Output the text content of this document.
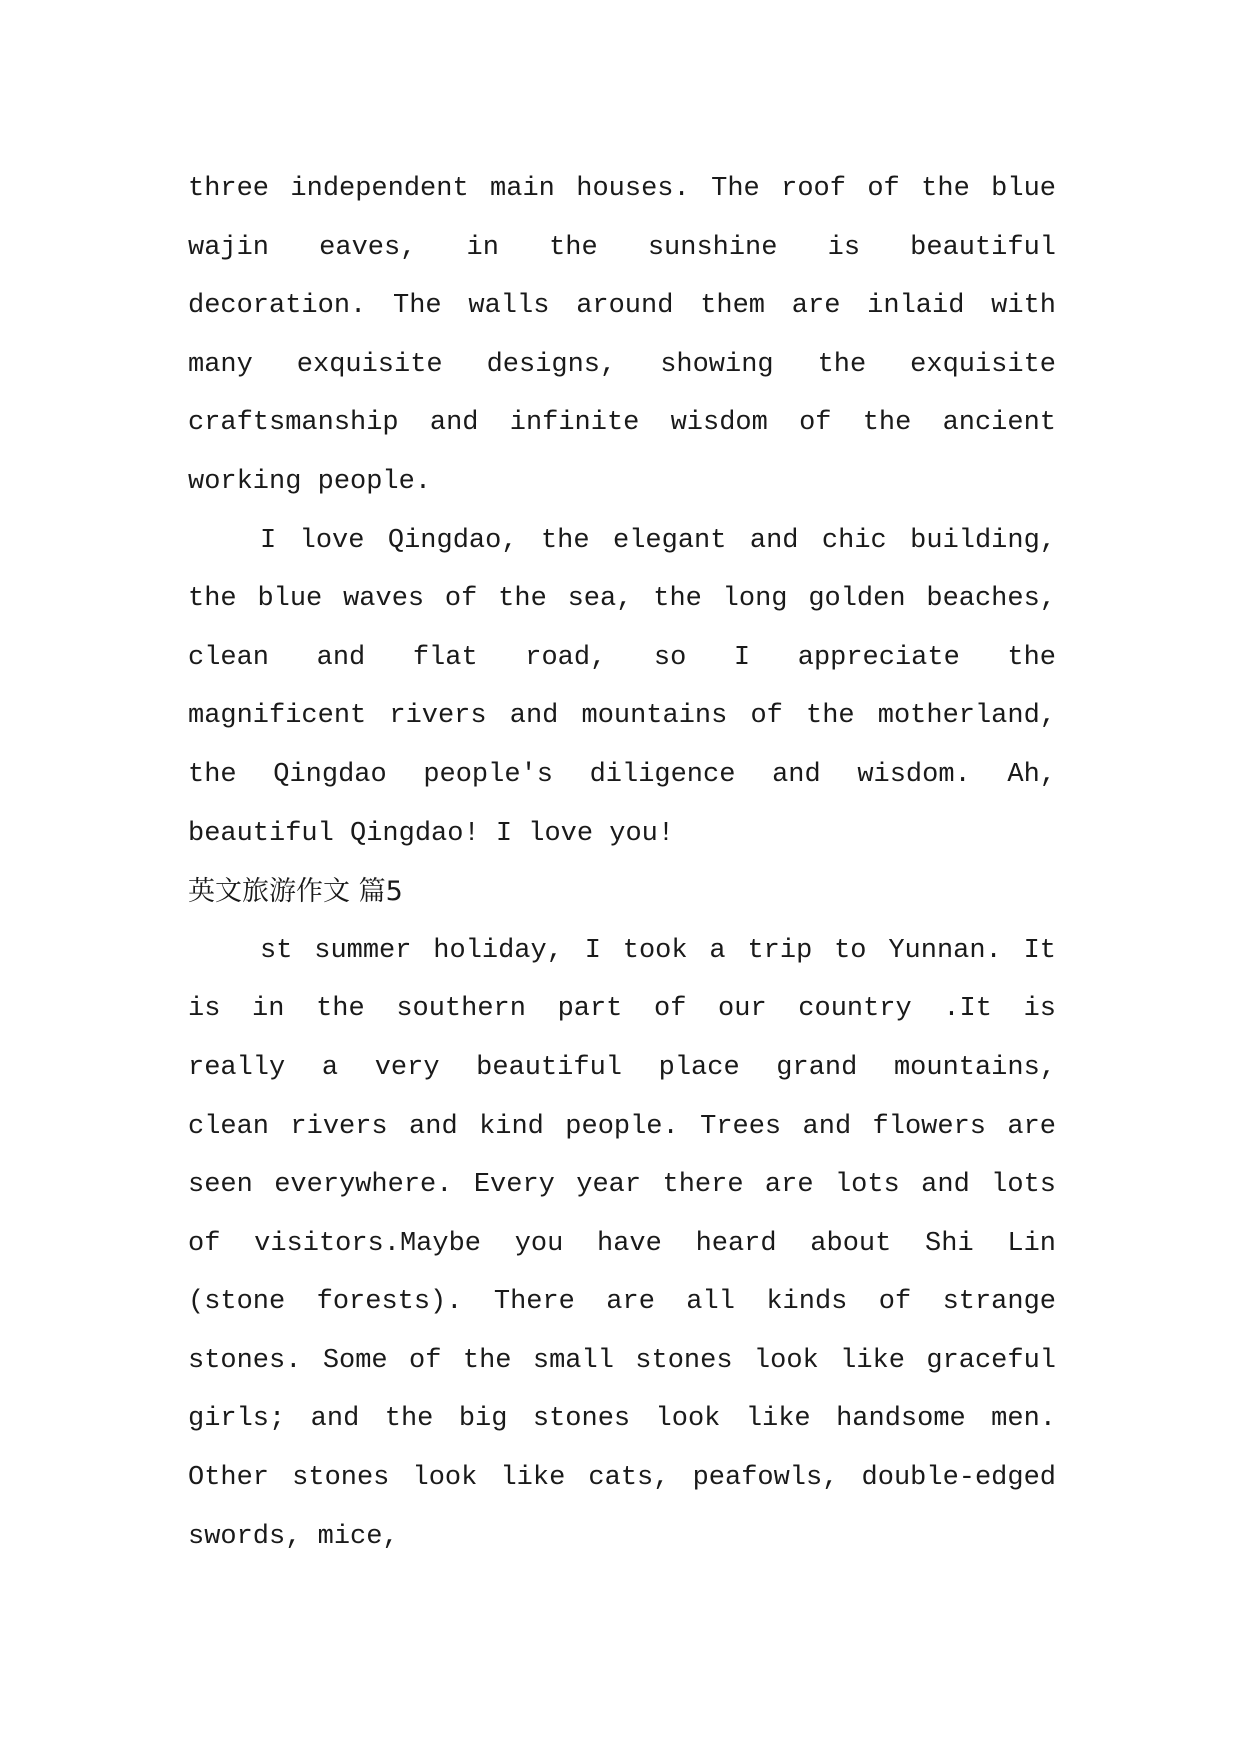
three independent main houses. The roof of the blue
wajin eaves, in the sunshine is beautiful
decoration. The walls around them are inlaid with
many exquisite designs, showing the exquisite
craftsmanship and infinite wisdom of the ancient
working people.
I love Qingdao, the elegant and chic building,
the blue waves of the sea, the long golden beaches,
clean and flat road, so I appreciate the
magnificent rivers and mountains of the motherland,
the Qingdao people's diligence and wisdom. Ah,
beautiful Qingdao! I love you!
英文旅游作文 篇5
st summer holiday, I took a trip to Yunnan. It
is in the southern part of our country .It is
really a very beautiful place grand mountains,
clean rivers and kind people. Trees and flowers are
seen everywhere. Every year there are lots and lots
of visitors.Maybe you have heard about Shi Lin
(stone forests). There are all kinds of strange
stones. Some of the small stones look like graceful
girls; and the big stones look like handsome men.
Other stones look like cats, peafowls, double-edged
swords, mice,
